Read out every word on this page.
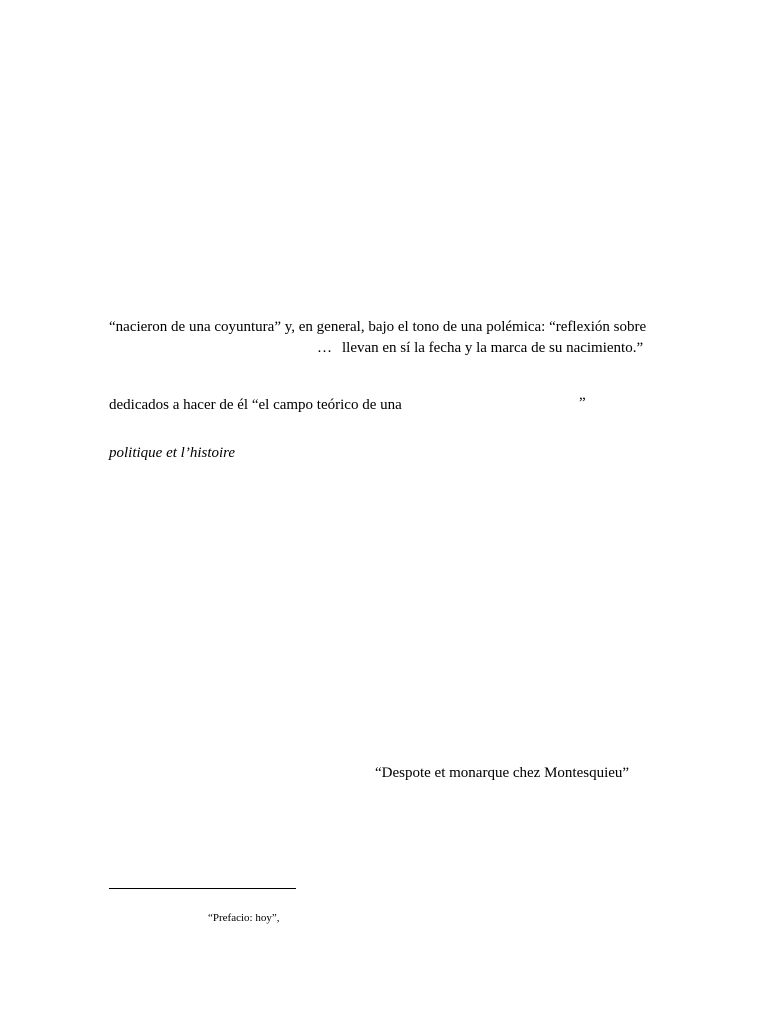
“nacieron de una coyuntura” y, en general, bajo el tono de una polémica: “reflexión sobre
… llevan en sí la fecha y la marca de su nacimiento.”
dedicados a hacer de él “el campo teórico de una	”
politique et l’histoire
“Despote et monarque chez Montesquieu”
“Prefacio: hoy”,
